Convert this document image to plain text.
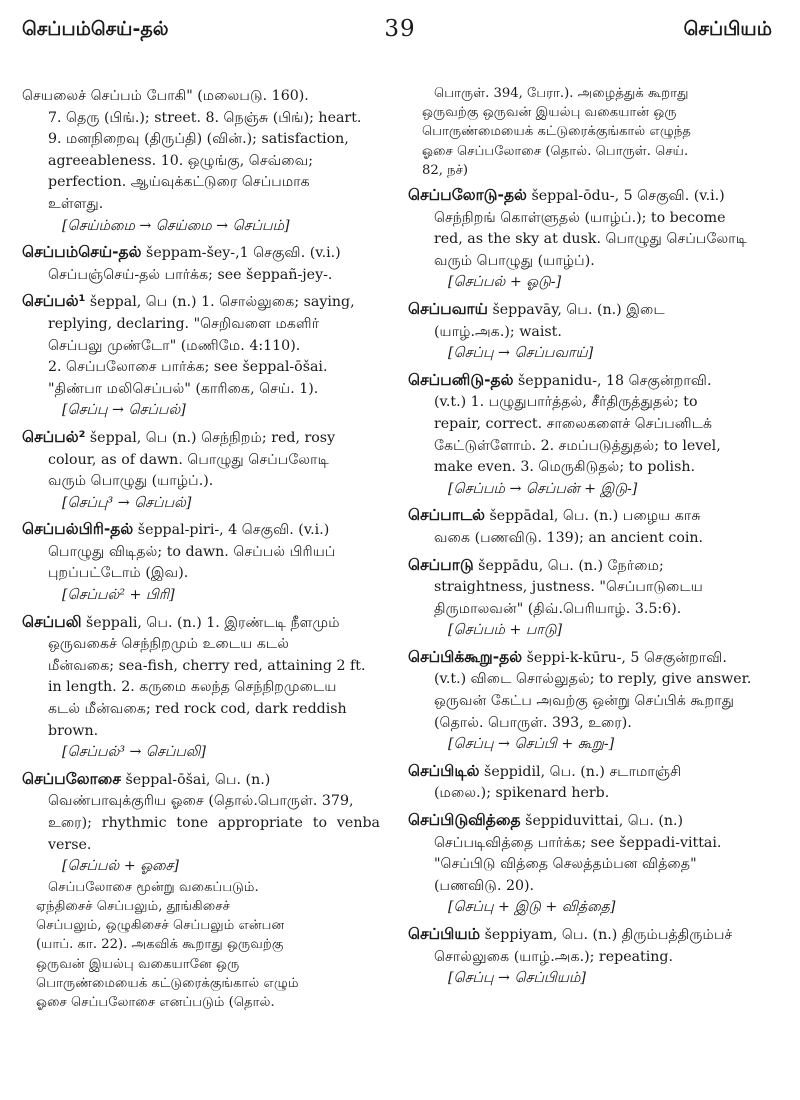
செப்பம்செய்-தல்	39	செப்பியம்

செயலைச் செப்பம் போகி" (மலைபடு. 160).

7. தெரு (பிங்.); street. 8. நெஞ்சு (பிங்); heart.

9. மனநிறைவு (திருப்தி) (வின்.); satisfaction,

agreeableness. 10. ஒழுங்கு, செவ்வை;

perfection. ஆய்வுக்கட்டுரை செப்பமாக

உள்ளது.

[செய்ம்மை → செய்மை → செப்பம்]

செப்பம்செய்-தல் šeppam-šey-,1 செகுவி. (v.i.)

செப்பஞ்செய்-தல் பார்க்க; see šeppañ-jey-.

செப்பல்¹ šeppal, பெ (n.) 1. சொல்லுகை; saying,

replying, declaring. "செறிவளை மகளிர்

செப்பலு முண்டோ" (மணிமே. 4:110).

2. செப்பலோசை பார்க்க; see šeppal-ōšai.

"திண்பா மலிசெப்பல்" (காரிகை, செய். 1).

[செப்பு → செப்பல்]

செப்பல்² šeppal, பெ (n.) செந்நிறம்; red, rosy

colour, as of dawn. பொழுது செப்பலோடி

வரும் பொழுது (யாழ்ப்.).

[செப்பு³ → செப்பல்]

செப்பல்பிரி-தல் šeppal-piri-, 4 செகுவி. (v.i.)

பொழுது விடிதல்; to dawn. செப்பல் பிரியப்

புறப்பட்டோம் (இவ).

[செப்பல்² + பிரி]

செப்பலி šeppali, பெ. (n.) 1. இரண்டடி நீளமும்

ஒருவகைச் செந்நிறமும் உடைய கடல்

மீன்வகை; sea-fish, cherry red, attaining 2 ft.

in length. 2. கருமை கலந்த செந்நிறமுடைய

கடல் மீன்வகை; red rock cod, dark reddish

brown.

[செப்பல்³ → செப்பலி]

செப்பலோசை šeppal-ōšai, பெ. (n.)

வெண்பாவுக்குரிய ஓசை (தொல்.பொருள். 379,

உரை); rhythmic tone appropriate to venba verse.

[செப்பல் + ஓசை]

செப்பலோசை மூன்று வகைப்படும்.

ஏந்திசைச் செப்பலும், தூங்கிசைச்

செப்பலும், ஒழுகிசைச் செப்பலும் என்பன

(யாப். கா. 22). அகவிக் கூறாது ஒருவற்கு

ஒருவன் இயல்பு வகையானே ஒரு

பொருண்மையைக் கட்டுரைக்குங்கால் எழும்

ஓசை செப்பலோசை எனப்படும் (தொல்.

பொருள். 394, பேரா.). அழைத்துக் கூறாது

ஒருவற்கு ஒருவன் இயல்பு வகையான் ஒரு

பொருண்மையைக் கட்டுரைக்குங்கால் எழுந்த

ஓசை செப்பலோசை (தொல். பொருள். செய்.

82, நச்)

செப்பலோடு-தல் šeppal-ōdu-, 5 செகுவி. (v.i.)

செந்நிறங் கொள்ளுதல் (யாழ்ப்.); to become

red, as the sky at dusk. பொழுது செப்பலோடி

வரும் பொழுது (யாழ்ப்).

[செப்பல் + ஓடு-]

செப்பவாய் šeppavāy, பெ. (n.) இடை

(யாழ்.அக.); waist.

[செப்பு → செப்பவாய்]

செப்பனிடு-தல் šeppanidu-, 18 செகுன்றாவி.

(v.t.) 1. பழுதுபார்த்தல், சீர்திருத்துதல்; to

repair, correct. சாலைகளைச் செப்பனிடக்

கேட்டுள்ளோம். 2. சமப்படுத்துதல்; to level,

make even. 3. மெருகிடுதல்; to polish.

[செப்பம் → செப்பன் + இடு-]

செப்பாடல் šeppādal, பெ. (n.) பழைய காசு

வகை (பணவிடு. 139); an ancient coin.

செப்பாடு šeppādu, பெ. (n.) நேர்மை;

straightness, justness. "செப்பாடுடைய

திருமாலவன்" (திவ்.பெரியாழ். 3.5:6).

[செப்பம் + பாடு]

செப்பிக்கூறு-தல் šeppi-k-kūru-, 5 செகுன்றாவி.

(v.t.) விடை சொல்லுதல்; to reply, give answer.

ஒருவன் கேட்ப அவற்கு ஒன்று செப்பிக் கூறாது

(தொல். பொருள். 393, உரை).

[செப்பு → செப்பி + கூறு-]

செப்பிடில் šeppidil, பெ. (n.) சடாமாஞ்சி

(மலை.); spikenard herb.

செப்பிடுவித்தை šeppiduvittai, பெ. (n.)

செப்படிவித்தை பார்க்க; see šeppadi-vittai.

"செப்பிடு வித்தை செலத்தம்பன வித்தை"

(பணவிடு. 20).

[செப்பு + இடு + வித்தை]

செப்பியம் šeppiyam, பெ. (n.) திரும்பத்திரும்பச்

சொல்லுகை (யாழ்.அக.); repeating.

[செப்பு → செப்பியம்]
